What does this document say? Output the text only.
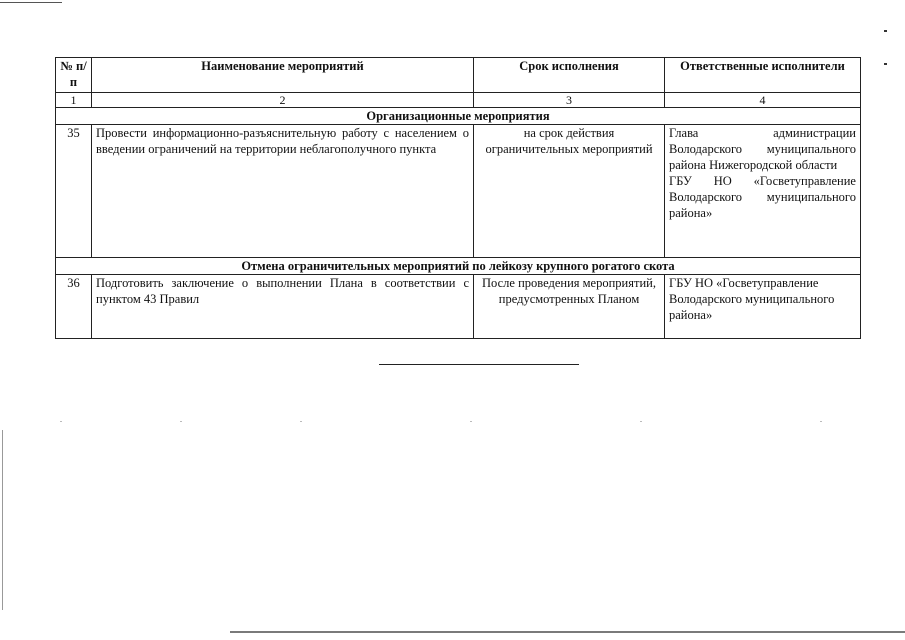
№ п/п	Наименование мероприятий	Срок исполнения	Ответственные исполнители
1	2	3	4
Организационные мероприятия			
35	Провести информационно-разъяснительную работу с населением о введении ограничений на территории неблагополучного пункта	на срок действия ограничительных мероприятий	Глава администрации Володарского муниципального района Нижегородской области
ГБУ НО «Госветуправление Володарского муниципального района»

Отмена ограничительных мероприятий по лейкозу крупного рогатого скота			
36	Подготовить заключение о выполнении Плана в соответствии с пунктом 43 Правил	После проведения мероприятий, предусмотренных Планом	ГБУ НО «Госветуправление Володарского муниципального района»
